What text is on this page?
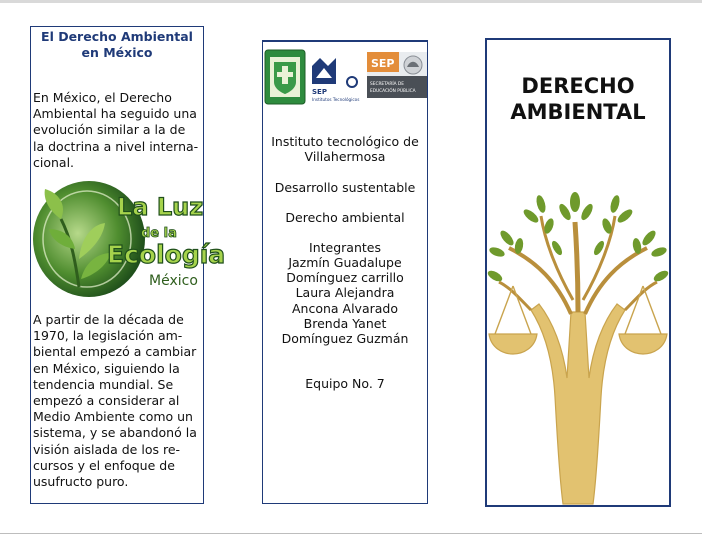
El Derecho Ambiental
en México
En México, el Derecho
Ambiental ha seguido una
evolución similar a la de
la doctrina a nivel interna-
cional.
La Luz
de la
Ecología
México
A partir de la década de
1970, la legislación am-
biental empezó a cambiar
en México, siguiendo la
tendencia mundial. Se
empezó a considerar al
Medio Ambiente como un
sistema, y se abandonó la
visión aislada de los re-
cursos y el enfoque de
usufructo puro.
SEP
Institutos Tecnológicos
SEP
SECRETARÍA DE
EDUCACIÓN PÚBLICA
Instituto tecnológico de
Villahermosa
Desarrollo sustentable
Derecho ambiental
Integrantes
Jazmín Guadalupe
Domínguez carrillo
Laura Alejandra
Ancona Alvarado
Brenda Yanet
Domínguez Guzmán
Equipo No. 7
DERECHO
AMBIENTAL
